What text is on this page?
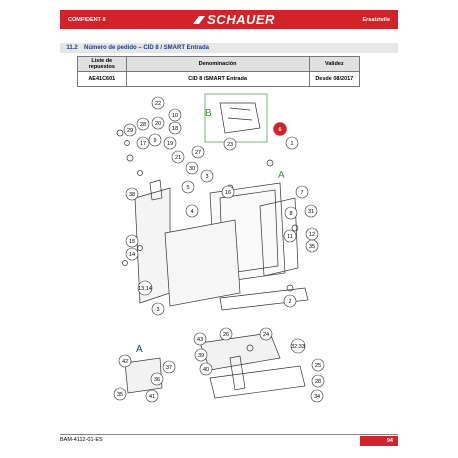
COMPIDENT 8	SCHAUER	Ersatzteile
11.2	Número de pedido – CID 8 / SMART Entrada
Liste de repuestos	Denominación	Validez
AE41C601	CID 8 /SMART Entrada	Desde 08/2017
22
20
10
29
28
18
9
17	19
21
23	1
27
30
3
5
16	7
4
38
15
14
31
8
11	12
35
13,14
2
3
43
26	24
39
32,33
40
42
36
37
35	41
25
28
34
6
B
A
A
BAM-4112-01-ES	94
